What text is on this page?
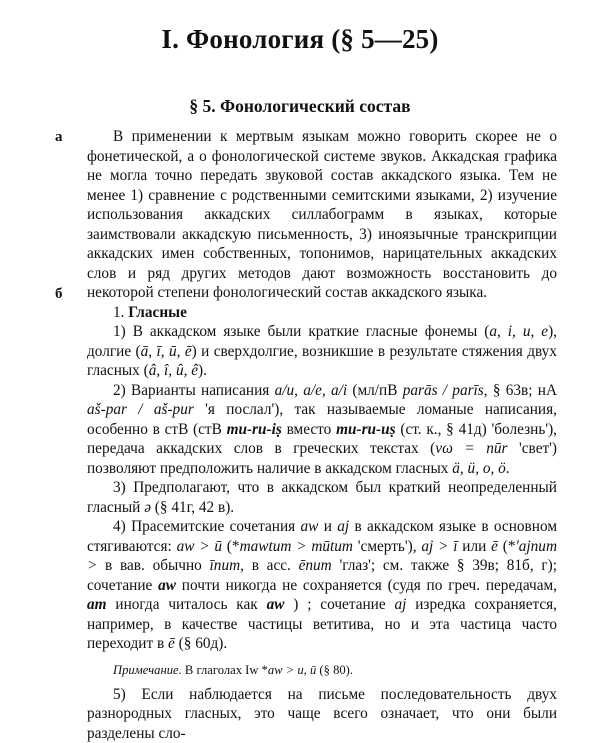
I. Фонология (§ 5—25)
§ 5. Фонологический состав
а
б

В применении к мертвым языкам можно говорить скорее не о фонетической, а о фонологической системе звуков. Аккадская графика не могла точно передать звуковой состав аккадского языка. Тем не менее 1) сравнение с родственными семитскими языками, 2) изучение использования аккадских силлабограмм в языках, которые заимствовали аккадскую письменность, 3) иноязычные транскрипции аккадских имен собственных, топонимов, нарицательных аккадских слов и ряд других методов дают возможность восстановить до некоторой степени фонологический состав аккадского языка.

1. Гласные

1) В аккадском языке были краткие гласные фонемы (a, i, u, e), долгие (ā, ī, ū, ē) и сверхдолгие, возникшие в результате стяжения двух гласных (â, î, û, ê).

2) Варианты написания a/u, a/e, a/i (мл/пВ parās / parīs, § 63в; нА aš-par / aš-pur 'я послал'), так называемые ломаные написания, особенно в стВ (стВ mu-ru-iṣ вместо mu-ru-uṣ (ст. к., § 41д) 'болезнь'), передача аккадских слов в греческих текстах (νω = nūr 'свет') позволяют предположить наличие в аккадском гласных ä, ü, o, ö.

3) Предполагают, что в аккадском был краткий неопределенный гласный ə (§ 41г, 42 в).

4) Прасемитские сочетания aw и aj в аккадском языке в основном стягиваются: aw > ū (*mawtum > mūtum 'смерть'), aj > ī или ē (*'ajnum > в вав. обычно īnum, в асс. ēnum 'глаз'; см. также § 39в; 81б, г); сочетание aw почти никогда не сохраняется (судя по греч. передачам, am иногда читалось как aw ) ; сочетание aj изредка сохраняется, например, в качестве частицы ветитива, но и эта частица часто переходит в ē (§ 60д).

Примечание. В глаголах Iw *aw > u, ū (§ 80).

5) Если наблюдается на письме последовательность двух разнородных гласных, это чаще всего означает, что они были разделены сло-
